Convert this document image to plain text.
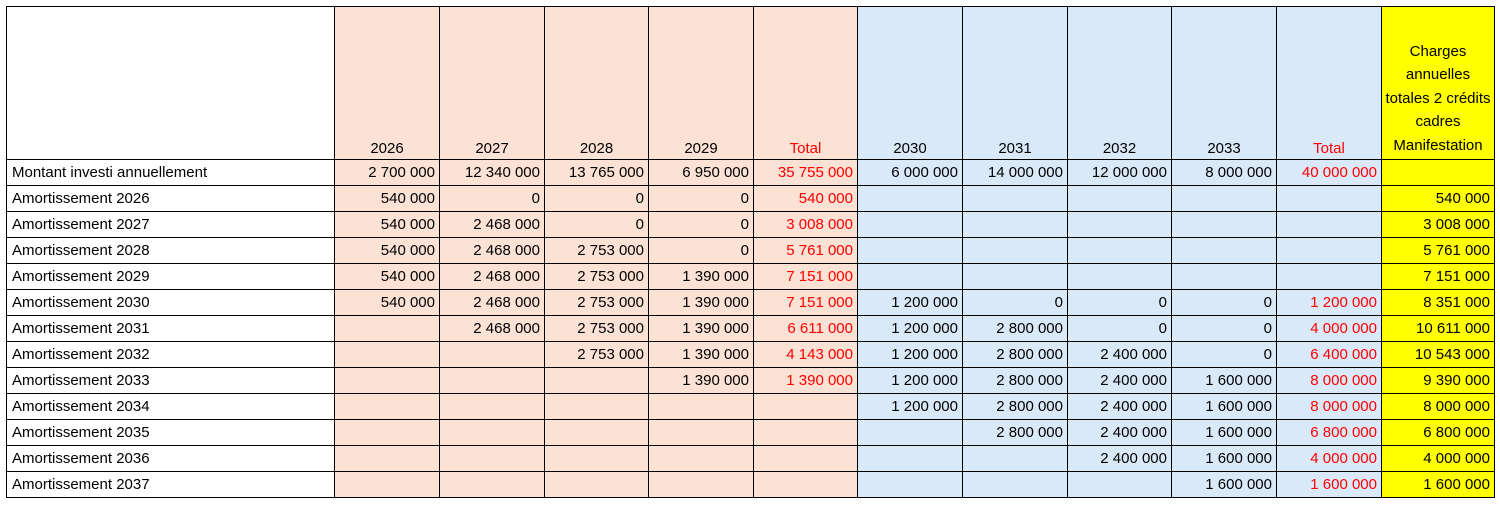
	2026	2027	2028	2029	Total	2030	2031	2032	2033	Total	Charges annuelles totales 2 crédits cadres Manifestation
Montant investi annuellement	2 700 000	12 340 000	13 765 000	6 950 000	35 755 000	6 000 000	14 000 000	12 000 000	8 000 000	40 000 000	
Amortissement 2026	540 000	0	0	0	540 000						540 000
Amortissement 2027	540 000	2 468 000	0	0	3 008 000						3 008 000
Amortissement 2028	540 000	2 468 000	2 753 000	0	5 761 000						5 761 000
Amortissement 2029	540 000	2 468 000	2 753 000	1 390 000	7 151 000						7 151 000
Amortissement 2030	540 000	2 468 000	2 753 000	1 390 000	7 151 000	1 200 000	0	0	0	1 200 000	8 351 000
Amortissement 2031		2 468 000	2 753 000	1 390 000	6 611 000	1 200 000	2 800 000	0	0	4 000 000	10 611 000
Amortissement 2032			2 753 000	1 390 000	4 143 000	1 200 000	2 800 000	2 400 000	0	6 400 000	10 543 000
Amortissement 2033				1 390 000	1 390 000	1 200 000	2 800 000	2 400 000	1 600 000	8 000 000	9 390 000
Amortissement 2034						1 200 000	2 800 000	2 400 000	1 600 000	8 000 000	8 000 000
Amortissement 2035							2 800 000	2 400 000	1 600 000	6 800 000	6 800 000
Amortissement 2036								2 400 000	1 600 000	4 000 000	4 000 000
Amortissement 2037									1 600 000	1 600 000	1 600 000
